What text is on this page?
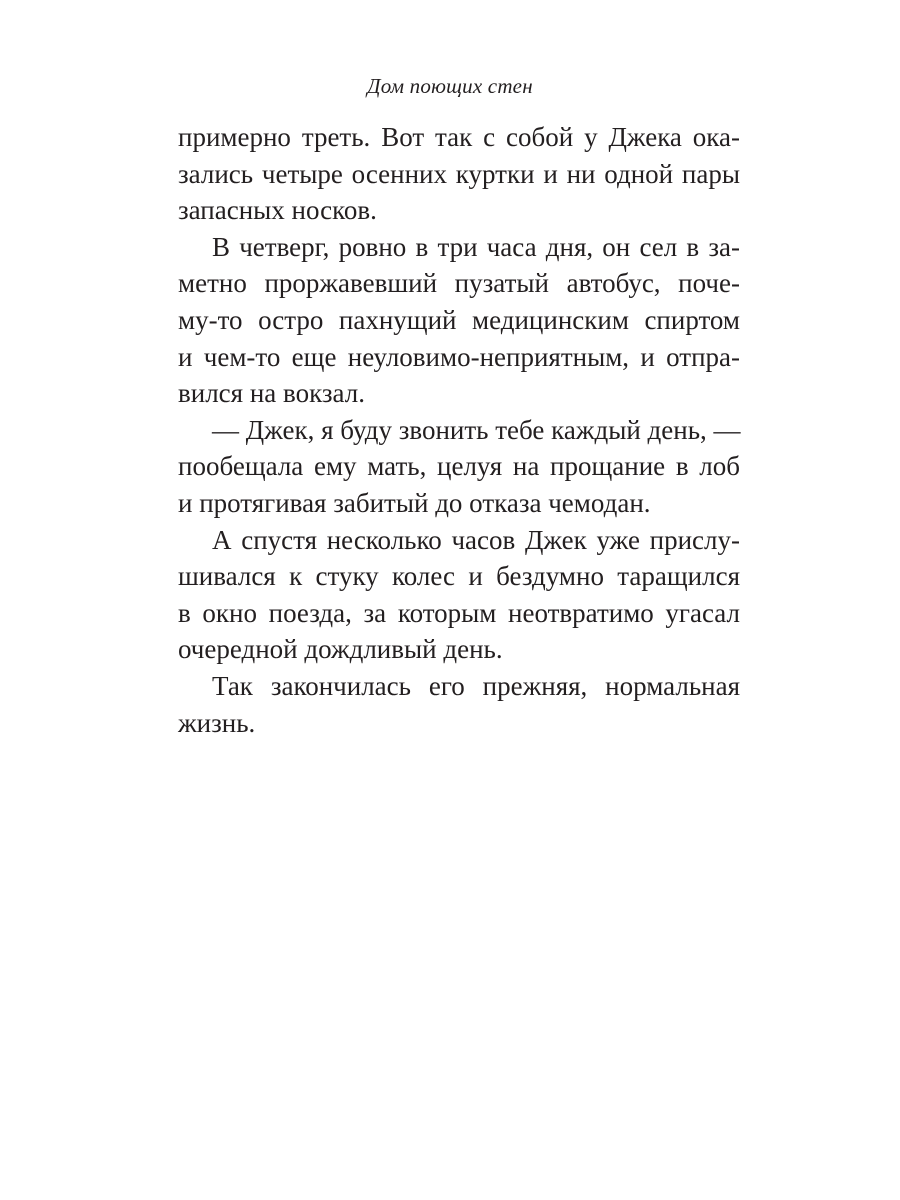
Дом поющих стен
примерно треть. Вот так с собой у Джека ока-
зались четыре осенних куртки и ни одной пары
запасных носков.
В четверг, ровно в три часа дня, он сел в за-
метно проржавевший пузатый автобус, поче-
му-то остро пахнущий медицинским спиртом
и чем-то еще неуловимо-неприятным, и отпра-
вился на вокзал.
— Джек, я буду звонить тебе каждый день, —
пообещала ему мать, целуя на прощание в лоб
и протягивая забитый до отказа чемодан.
А спустя несколько часов Джек уже прислу-
шивался к стуку колес и бездумно таращился
в окно поезда, за которым неотвратимо угасал
очередной дождливый день.
Так закончилась его прежняя, нормальная
жизнь.
